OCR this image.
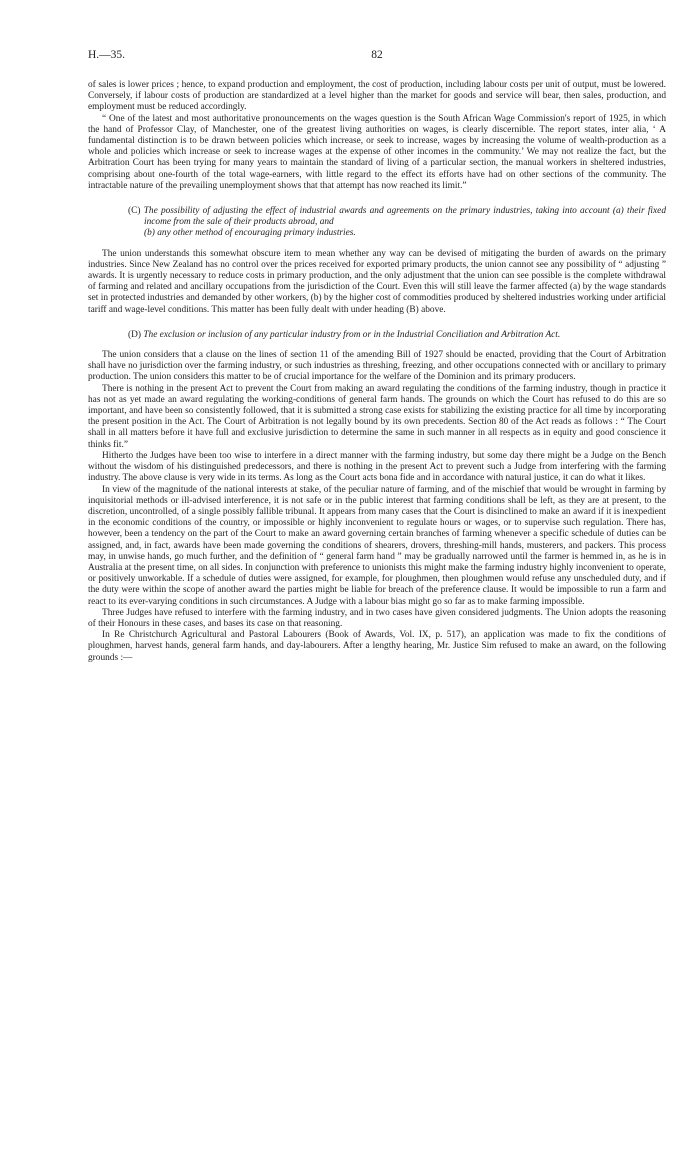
H.—35.	82

of sales is lower prices ; hence, to expand production and employment, the cost of production, including labour costs per unit of output, must be lowered. Conversely, if labour costs of production are standardized at a level higher than the market for goods and service will bear, then sales, production, and employment must be reduced accordingly.

“ One of the latest and most authoritative pronouncements on the wages question is the South African Wage Commission's report of 1925, in which the hand of Professor Clay, of Manchester, one of the greatest living authorities on wages, is clearly discernible. The report states, inter alia, ‘ A fundamental distinction is to be drawn between policies which increase, or seek to increase, wages by increasing the volume of wealth-production as a whole and policies which increase or seek to increase wages at the expense of other incomes in the community.’ We may not realize the fact, but the Arbitration Court has been trying for many years to maintain the standard of living of a particular section, the manual workers in sheltered industries, comprising about one-fourth of the total wage-earners, with little regard to the effect its efforts have had on other sections of the community. The intractable nature of the prevailing unemployment shows that that attempt has now reached its limit.”

(C) The possibility of adjusting the effect of industrial awards and agreements on the primary industries, taking into account (a) their fixed income from the sale of their products abroad, and
(b) any other method of encouraging primary industries.

The union understands this somewhat obscure item to mean whether any way can be devised of mitigating the burden of awards on the primary industries. Since New Zealand has no control over the prices received for exported primary products, the union cannot see any possibility of “ adjusting ” awards. It is urgently necessary to reduce costs in primary production, and the only adjustment that the union can see possible is the complete withdrawal of farming and related and ancillary occupations from the jurisdiction of the Court. Even this will still leave the farmer affected (a) by the wage standards set in protected industries and demanded by other workers, (b) by the higher cost of commodities produced by sheltered industries working under artificial tariff and wage-level conditions. This matter has been fully dealt with under heading (B) above.

(D) The exclusion or inclusion of any particular industry from or in the Industrial Conciliation and Arbitration Act.

The union considers that a clause on the lines of section 11 of the amending Bill of 1927 should be enacted, providing that the Court of Arbitration shall have no jurisdiction over the farming industry, or such industries as threshing, freezing, and other occupations connected with or ancillary to primary production. The union considers this matter to be of crucial importance for the welfare of the Dominion and its primary producers.

There is nothing in the present Act to prevent the Court from making an award regulating the conditions of the farming industry, though in practice it has not as yet made an award regulating the working-conditions of general farm hands. The grounds on which the Court has refused to do this are so important, and have been so consistently followed, that it is submitted a strong case exists for stabilizing the existing practice for all time by incorporating the present position in the Act. The Court of Arbitration is not legally bound by its own precedents. Section 80 of the Act reads as follows : “ The Court shall in all matters before it have full and exclusive jurisdiction to determine the same in such manner in all respects as in equity and good conscience it thinks fit.”

Hitherto the Judges have been too wise to interfere in a direct manner with the farming industry, but some day there might be a Judge on the Bench without the wisdom of his distinguished predecessors, and there is nothing in the present Act to prevent such a Judge from interfering with the farming industry. The above clause is very wide in its terms. As long as the Court acts bona fide and in accordance with natural justice, it can do what it likes.

In view of the magnitude of the national interests at stake, of the peculiar nature of farming, and of the mischief that would be wrought in farming by inquisitorial methods or ill-advised interference, it is not safe or in the public interest that farming conditions shall be left, as they are at present, to the discretion, uncontrolled, of a single possibly fallible tribunal. It appears from many cases that the Court is disinclined to make an award if it is inexpedient in the economic conditions of the country, or impossible or highly inconvenient to regulate hours or wages, or to supervise such regulation. There has, however, been a tendency on the part of the Court to make an award governing certain branches of farming whenever a specific schedule of duties can be assigned, and, in fact, awards have been made governing the conditions of shearers, drovers, threshing-mill hands, musterers, and packers. This process may, in unwise hands, go much further, and the definition of “ general farm hand ” may be gradually narrowed until the farmer is hemmed in, as he is in Australia at the present time, on all sides. In conjunction with preference to unionists this might make the farming industry highly inconvenient to operate, or positively unworkable. If a schedule of duties were assigned, for example, for ploughmen, then ploughmen would refuse any unscheduled duty, and if the duty were within the scope of another award the parties might be liable for breach of the preference clause. It would be impossible to run a farm and react to its ever-varying conditions in such circumstances. A Judge with a labour bias might go so far as to make farming impossible.

Three Judges have refused to interfere with the farming industry, and in two cases have given considered judgments. The Union adopts the reasoning of their Honours in these cases, and bases its case on that reasoning.

In Re Christchurch Agricultural and Pastoral Labourers (Book of Awards, Vol. IX, p. 517), an application was made to fix the conditions of ploughmen, harvest hands, general farm hands, and day-labourers. After a lengthy hearing, Mr. Justice Sim refused to make an award, on the following grounds :—
